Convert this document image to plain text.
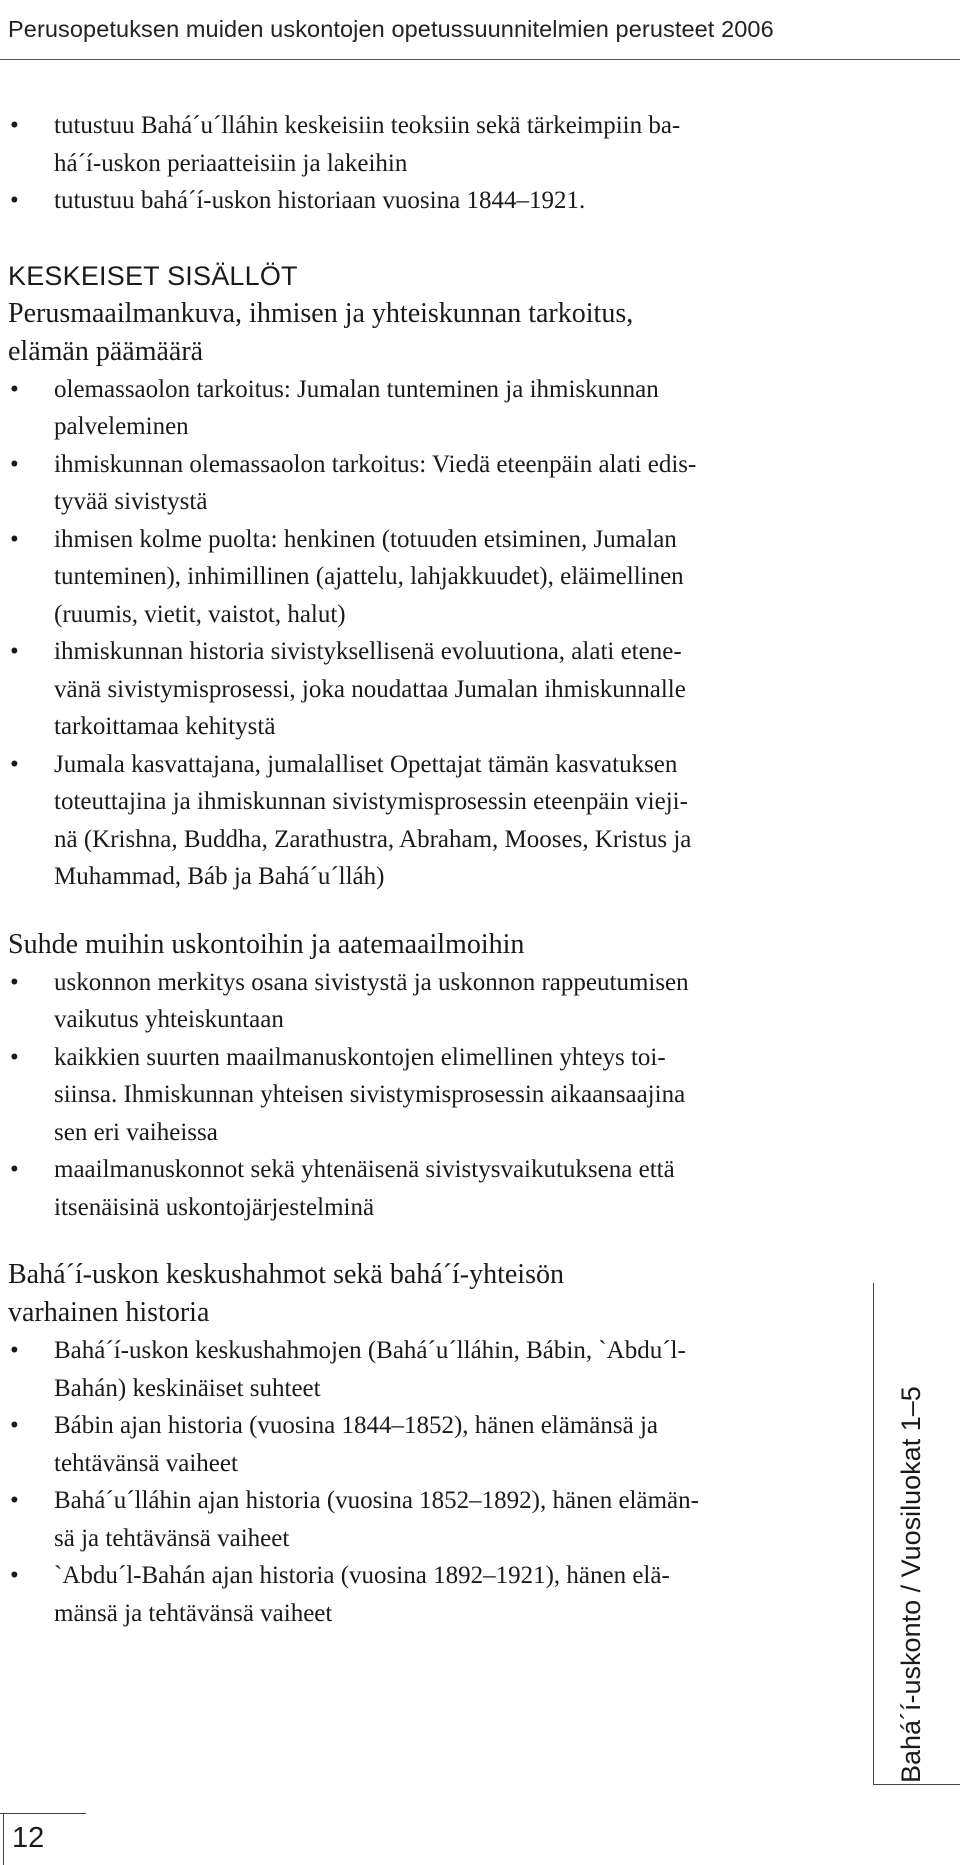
Perusopetuksen muiden uskontojen opetussuunnitelmien perusteet 2006
• tutustuu Bahá´u´lláhin keskeisiin teoksiin sekä tärkeimpiin ba-
há´í-uskon periaatteisiin ja lakeihin
• tutustuu bahá´í-uskon historiaan vuosina 1844–1921.
KESKEISET SISÄLLÖT
Perusmaailmankuva, ihmisen ja yhteiskunnan tarkoitus,
elämän päämäärä
• olemassaolon tarkoitus: Jumalan tunteminen ja ihmiskunnan
palveleminen
• ihmiskunnan olemassaolon tarkoitus: Viedä eteenpäin alati edis-
tyvää sivistystä
• ihmisen kolme puolta: henkinen (totuuden etsiminen, Jumalan
tunteminen), inhimillinen (ajattelu, lahjakkuudet), eläimellinen
(ruumis, vietit, vaistot, halut)
• ihmiskunnan historia sivistyksellisenä evoluutiona, alati etene-
vänä sivistymisprosessi, joka noudattaa Jumalan ihmiskunnalle
tarkoittamaa kehitystä
• Jumala kasvattajana, jumalalliset Opettajat tämän kasvatuksen
toteuttajina ja ihmiskunnan sivistymisprosessin eteenpäin vieji-
nä (Krishna, Buddha, Zarathustra, Abraham, Mooses, Kristus ja
Muhammad, Báb ja Bahá´u´lláh)
Suhde muihin uskontoihin ja aatemaailmoihin
• uskonnon merkitys osana sivistystä ja uskonnon rappeutumisen
vaikutus yhteiskuntaan
• kaikkien suurten maailmanuskontojen elimellinen yhteys toi-
siinsa. Ihmiskunnan yhteisen sivistymisprosessin aikaansaajina
sen eri vaiheissa
• maailmanuskonnot sekä yhtenäisenä sivistysvaikutuksena että
itsenäisinä uskontojärjestelminä
Bahá´í-uskon keskushahmot sekä bahá´í-yhteisön
varhainen historia
• Bahá´í-uskon keskushahmojen (Bahá´u´lláhin, Bábin, `Abdu´l-
Bahán) keskinäiset suhteet
• Bábin ajan historia (vuosina 1844–1852), hänen elämänsä ja
tehtävänsä vaiheet
• Bahá´u´lláhin ajan historia (vuosina 1852–1892), hänen elämän-
sä ja tehtävänsä vaiheet
• `Abdu´l-Bahán ajan historia (vuosina 1892–1921), hänen elä-
mänsä ja tehtävänsä vaiheet	Bahá´í-uskonto / Vuosiluokat 1–5
12
